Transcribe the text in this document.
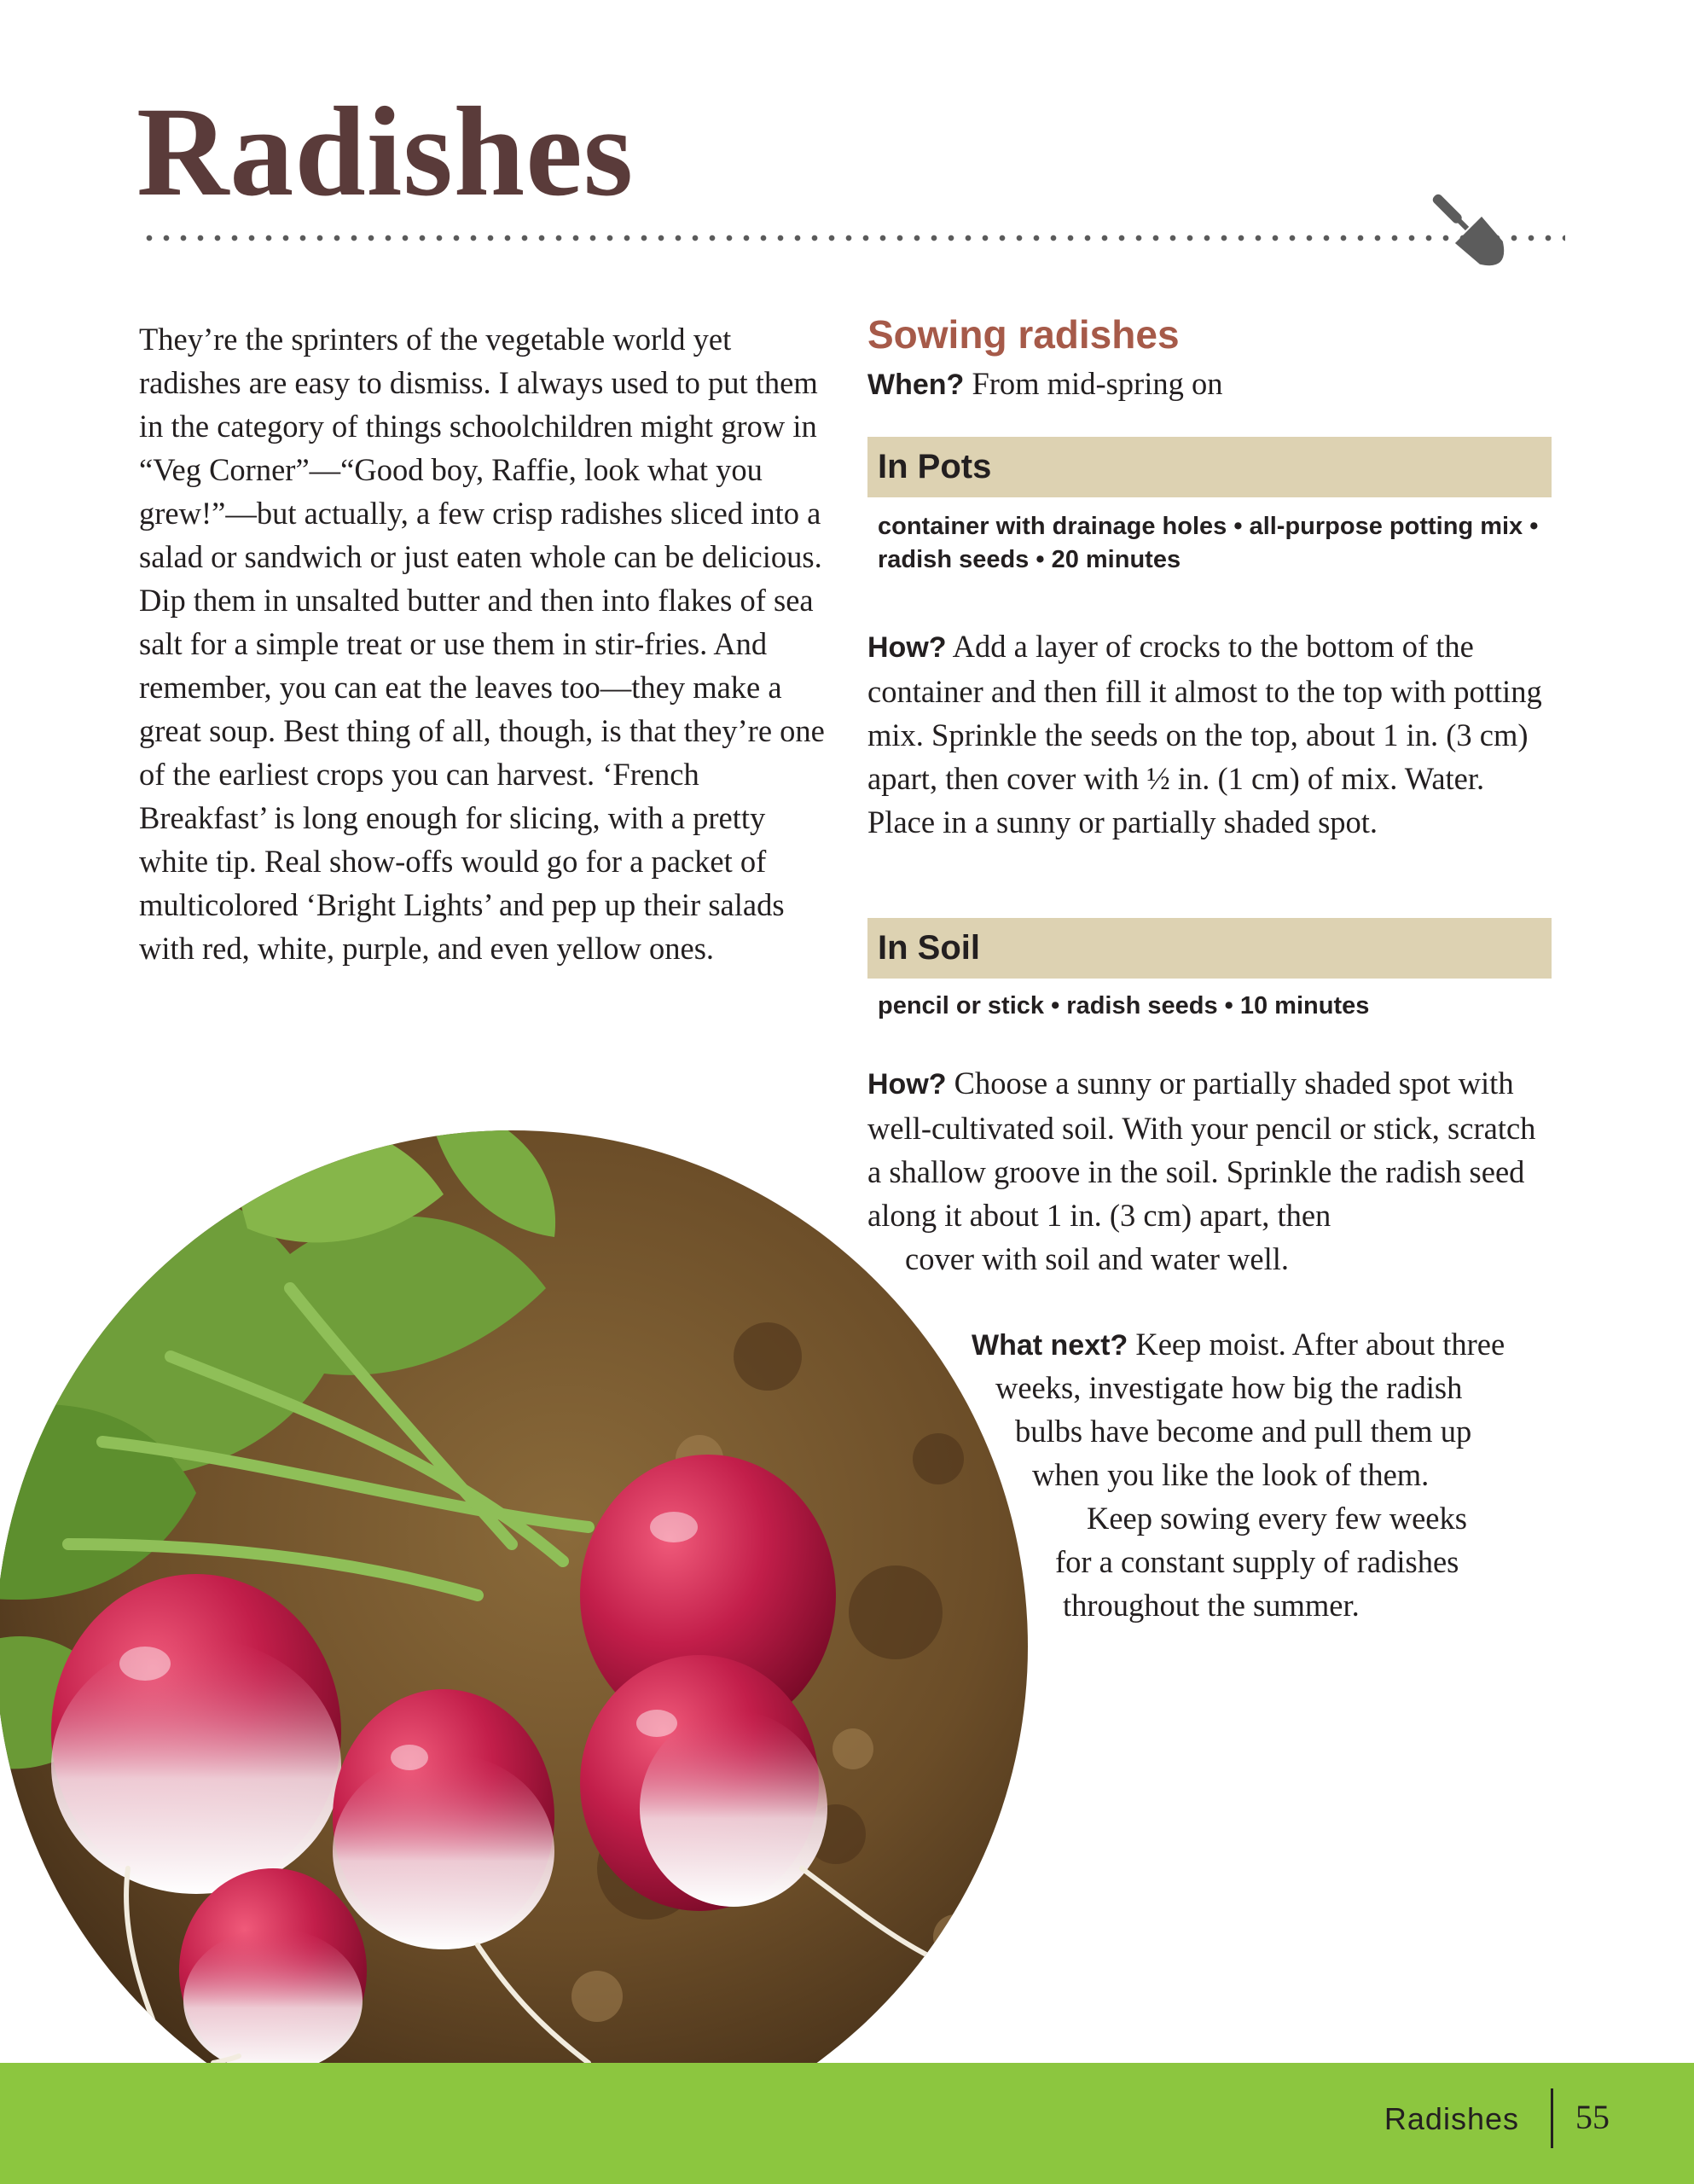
Radishes

They’re the sprinters of the vegetable world yet radishes are easy to dismiss. I always used to put them in the category of things schoolchildren might grow in “Veg Corner”—“Good boy, Raffie, look what you grew!”—but actually, a few crisp radishes sliced into a salad or sandwich or just eaten whole can be delicious. Dip them in unsalted butter and then into flakes of sea salt for a simple treat or use them in stir-fries. And remember, you can eat the leaves too—they make a great soup. Best thing of all, though, is that they’re one of the earliest crops you can harvest. ‘French Breakfast’ is long enough for slicing, with a pretty white tip. Real show-offs would go for a packet of multicolored ‘Bright Lights’ and pep up their salads with red, white, purple, and even yellow ones.

Sowing radishes

When? From mid-spring on

In Pots

container with drainage holes • all-purpose potting mix • radish seeds • 20 minutes

How? Add a layer of crocks to the bottom of the container and then fill it almost to the top with potting mix. Sprinkle the seeds on the top, about 1 in. (3 cm) apart, then cover with ½ in. (1 cm) of mix. Water. Place in a sunny or partially shaded spot.

In Soil

pencil or stick • radish seeds • 10 minutes

How? Choose a sunny or partially shaded spot with well-cultivated soil. With your pencil or stick, scratch a shallow groove in the soil. Sprinkle the radish seed along it about 1 in. (3 cm) apart, then
cover with soil and water well.

What next? Keep moist. After about three

weeks, investigate how big the radish

bulbs have become and pull them up

when you like the look of them.

Keep sowing every few weeks

for a constant supply of radishes

throughout the summer.

Radishes 55
